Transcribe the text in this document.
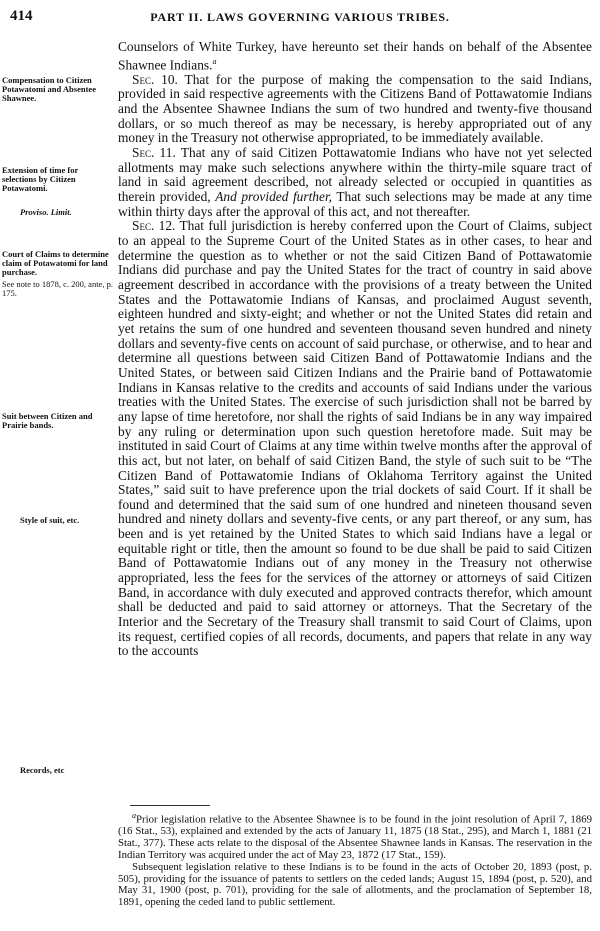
414	PART II. LAWS GOVERNING VARIOUS TRIBES.
Compensation to Citizen Potawatomi and Absentee Shawnee.
Extension of time for selections by Citizen Potawatomi.
Proviso. Limit.
Court of Claims to determine claim of Potawatomi for land purchase.
See note to 1878, c. 200, ante, p. 175.
Suit between Citizen and Prairie bands.
Style of suit, etc.
Records, etc

Counselors of White Turkey, have hereunto set their hands on behalf of the Absentee Shawnee Indians.$^a$

Sec. 10. That for the purpose of making the compensation to the said Indians, provided in said respective agreements with the Citizens Band of Pottawatomie Indians and the Absentee Shawnee Indians the sum of two hundred and twenty-five thousand dollars, or so much thereof as may be necessary, is hereby appropriated out of any money in the Treasury not otherwise appropriated, to be immediately available.

Sec. 11. That any of said Citizen Pottawatomie Indians who have not yet selected allotments may make such selections anywhere within the thirty-mile square tract of land in said agreement described, not already selected or occupied in quantities as therein provided, And provided further, That such selections may be made at any time within thirty days after the approval of this act, and not thereafter.

Sec. 12. That full jurisdiction is hereby conferred upon the Court of Claims, subject to an appeal to the Supreme Court of the United States as in other cases, to hear and determine the question as to whether or not the said Citizen Band of Pottawatomie Indians did purchase and pay the United States for the tract of country in said above agreement described in accordance with the provisions of a treaty between the United States and the Pottawatomie Indians of Kansas, and proclaimed August seventh, eighteen hundred and sixty-eight; and whether or not the United States did retain and yet retains the sum of one hundred and seventeen thousand seven hundred and ninety dollars and seventy-five cents on account of said purchase, or otherwise, and to hear and determine all questions between said Citizen Band of Pottawatomie Indians and the United States, or between said Citizen Indians and the Prairie band of Pottawatomie Indians in Kansas relative to the credits and accounts of said Indians under the various treaties with the United States. The exercise of such jurisdiction shall not be barred by any lapse of time heretofore, nor shall the rights of said Indians be in any way impaired by any ruling or determination upon such question heretofore made. Suit may be instituted in said Court of Claims at any time within twelve months after the approval of this act, but not later, on behalf of said Citizen Band, the style of such suit to be “The Citizen Band of Pottawatomie Indians of Oklahoma Territory against the United States,” said suit to have preference upon the trial dockets of said Court. If it shall be found and determined that the said sum of one hundred and nineteen thousand seven hundred and ninety dollars and seventy-five cents, or any part thereof, or any sum, has been and is yet retained by the United States to which said Indians have a legal or equitable right or title, then the amount so found to be due shall be paid to said Citizen Band of Pottawatomie Indians out of any money in the Treasury not otherwise appropriated, less the fees for the services of the attorney or attorneys of said Citizen Band, in accordance with duly executed and approved contracts therefor, which amount shall be deducted and paid to said attorney or attorneys. That the Secretary of the Interior and the Secretary of the Treasury shall transmit to said Court of Claims, upon its request, certified copies of all records, documents, and papers that relate in any way to the accounts

$^a$Prior legislation relative to the Absentee Shawnee is to be found in the joint resolution of April 7, 1869 (16 Stat., 53), explained and extended by the acts of January 11, 1875 (18 Stat., 295), and March 1, 1881 (21 Stat., 377). These acts relate to the disposal of the Absentee Shawnee lands in Kansas. The reservation in the Indian Territory was acquired under the act of May 23, 1872 (17 Stat., 159).

Subsequent legislation relative to these Indians is to be found in the acts of October 20, 1893 (post, p. 505), providing for the issuance of patents to settlers on the ceded lands; August 15, 1894 (post, p. 520), and May 31, 1900 (post, p. 701), providing for the sale of allotments, and the proclamation of September 18, 1891, opening the ceded land to public settlement.
